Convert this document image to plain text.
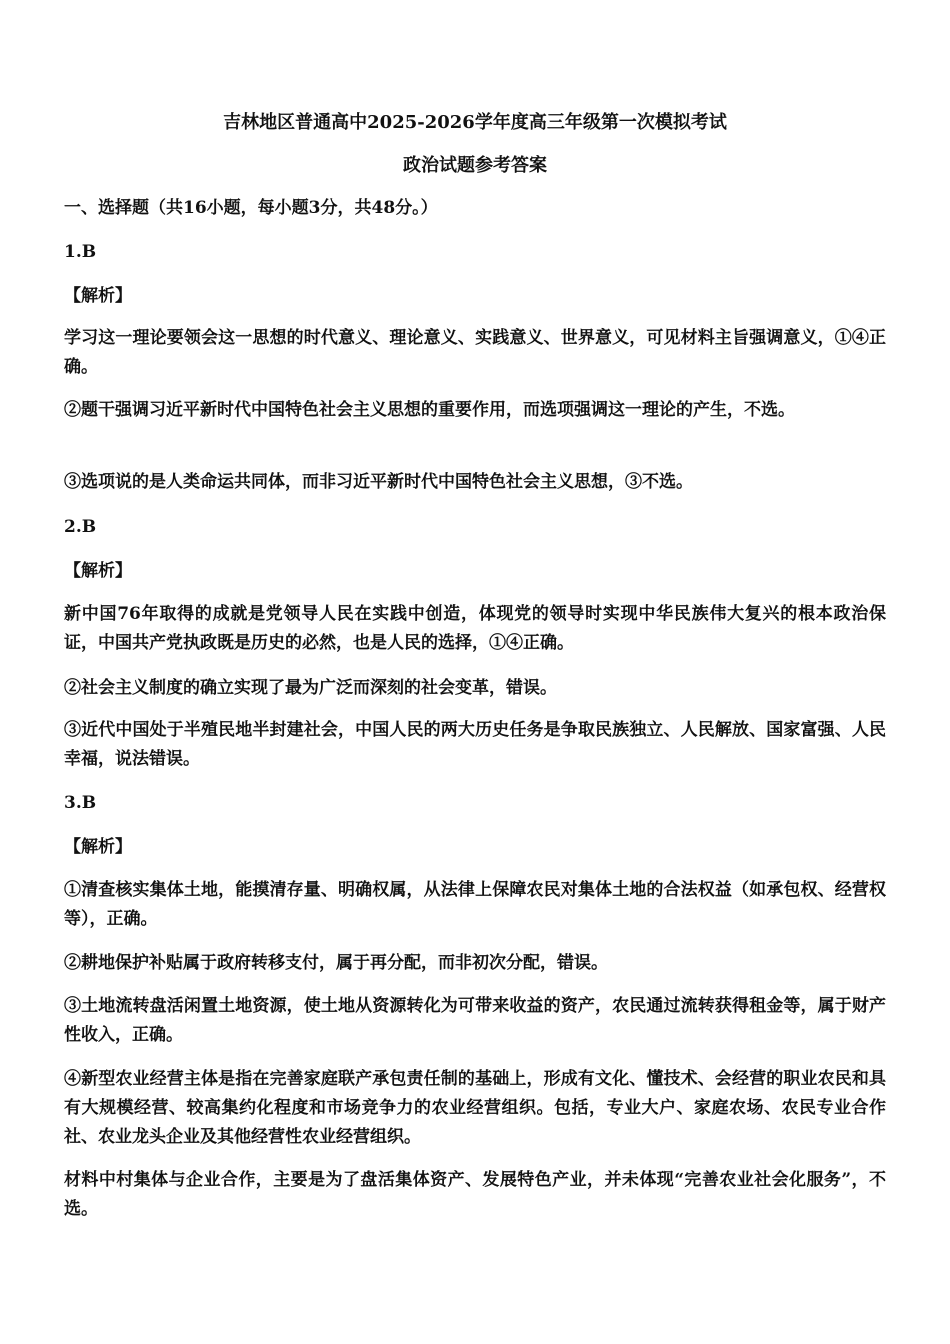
吉林地区普通高中2025-2026学年度高三年级第一次模拟考试
政治试题参考答案
一、选择题（共16小题，每小题3分，共48分。）
1.B
【解析】
学习这一理论要领会这一思想的时代意义、理论意义、实践意义、世界意义，可见材料主旨强调意义，①④正确。
②题干强调习近平新时代中国特色社会主义思想的重要作用，而选项强调这一理论的产生，不选。
③选项说的是人类命运共同体，而非习近平新时代中国特色社会主义思想，③不选。
2.B
【解析】
新中国76年取得的成就是党领导人民在实践中创造，体现党的领导时实现中华民族伟大复兴的根本政治保证，中国共产党执政既是历史的必然，也是人民的选择，①④正确。
②社会主义制度的确立实现了最为广泛而深刻的社会变革，错误。
③近代中国处于半殖民地半封建社会，中国人民的两大历史任务是争取民族独立、人民解放、国家富强、人民幸福，说法错误。
3.B
【解析】
①清查核实集体土地，能摸清存量、明确权属，从法律上保障农民对集体土地的合法权益（如承包权、经营权等），正确。
②耕地保护补贴属于政府转移支付，属于再分配，而非初次分配，错误。
③土地流转盘活闲置土地资源，使土地从资源转化为可带来收益的资产，农民通过流转获得租金等，属于财产性收入，正确。
④新型农业经营主体是指在完善家庭联产承包责任制的基础上，形成有文化、懂技术、会经营的职业农民和具有大规模经营、较高集约化程度和市场竞争力的农业经营组织。包括，专业大户、家庭农场、农民专业合作社、农业龙头企业及其他经营性农业经营组织。
材料中村集体与企业合作，主要是为了盘活集体资产、发展特色产业，并未体现“完善农业社会化服务”，不选。
